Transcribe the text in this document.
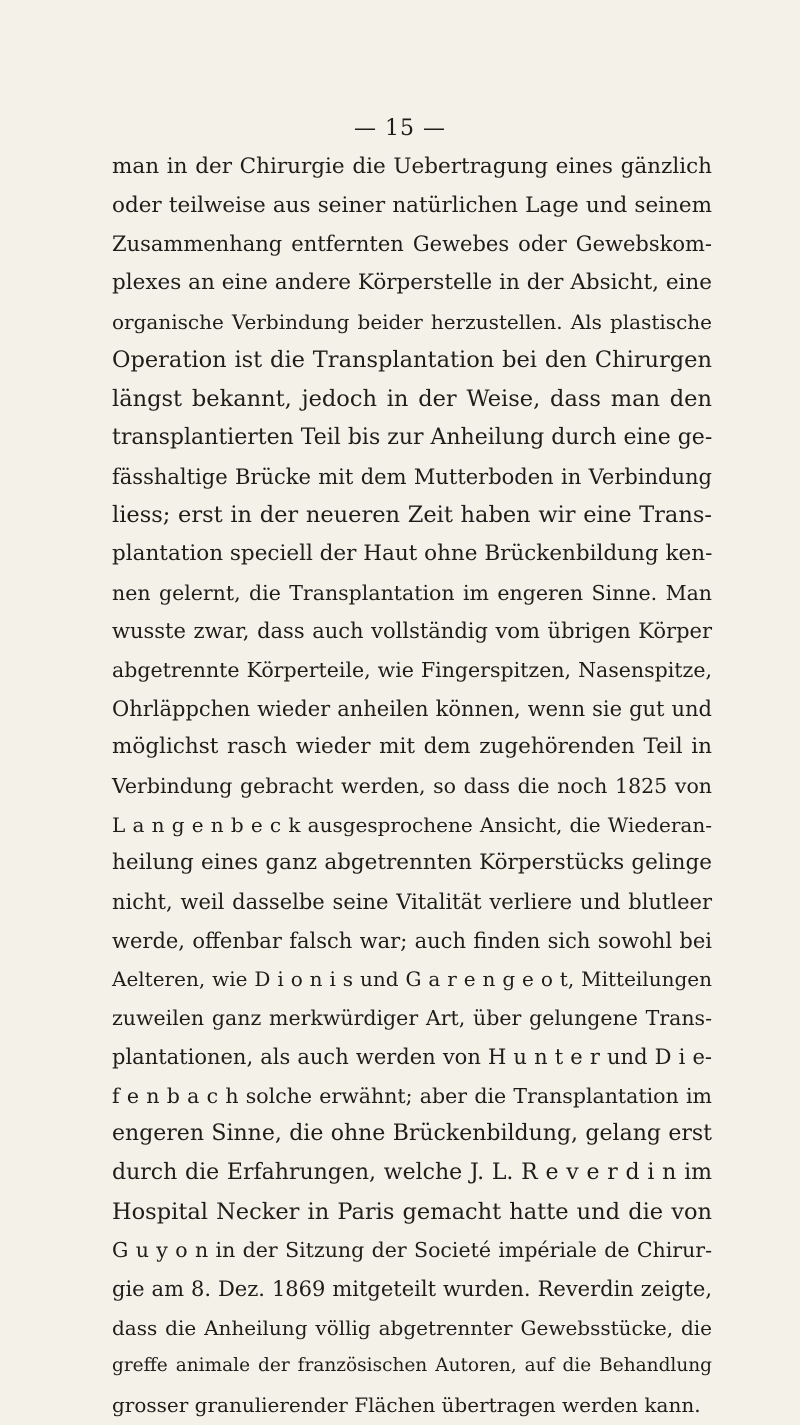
— 15 —
man in der Chirurgie die Uebertragung eines gänzlich
oder teilweise aus seiner natürlichen Lage und seinem
Zusammenhang entfernten Gewebes oder Gewebskom-
plexes an eine andere Körperstelle in der Absicht, eine
organische Verbindung beider herzustellen. Als plastische
Operation ist die Transplantation bei den Chirurgen
längst bekannt, jedoch in der Weise, dass man den
transplantierten Teil bis zur Anheilung durch eine ge-
fässhaltige Brücke mit dem Mutterboden in Verbindung
liess; erst in der neueren Zeit haben wir eine Trans-
plantation speciell der Haut ohne Brückenbildung ken-
nen gelernt, die Transplantation im engeren Sinne. Man
wusste zwar, dass auch vollständig vom übrigen Körper
abgetrennte Körperteile, wie Fingerspitzen, Nasenspitze,
Ohrläppchen wieder anheilen können, wenn sie gut und
möglichst rasch wieder mit dem zugehörenden Teil in
Verbindung gebracht werden, so dass die noch 1825 von
L a n g e n b e c k ausgesprochene Ansicht, die Wiederan-
heilung eines ganz abgetrennten Körperstücks gelinge
nicht, weil dasselbe seine Vitalität verliere und blutleer
werde, offenbar falsch war; auch finden sich sowohl bei
Aelteren, wie D i o n i s und G a r e n g e o t, Mitteilungen
zuweilen ganz merkwürdiger Art, über gelungene Trans-
plantationen, als auch werden von H u n t e r und D i e-
f e n b a c h solche erwähnt; aber die Transplantation im
engeren Sinne, die ohne Brückenbildung, gelang erst
durch die Erfahrungen, welche J. L. R e v e r d i n im
Hospital Necker in Paris gemacht hatte und die von
G u y o n in der Sitzung der Societé impériale de Chirur-
gie am 8. Dez. 1869 mitgeteilt wurden. Reverdin zeigte,
dass die Anheilung völlig abgetrennter Gewebsstücke, die
greffe animale der französischen Autoren, auf die Behandlung
grosser granulierender Flächen übertragen werden kann.
